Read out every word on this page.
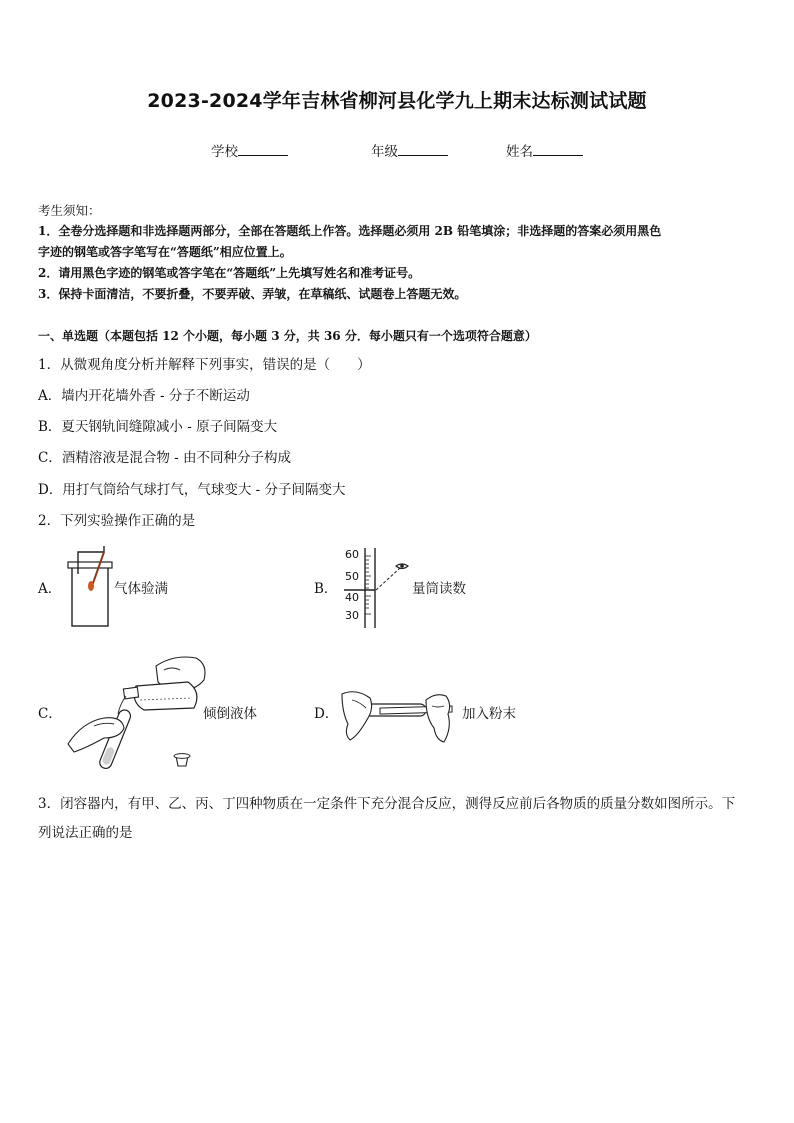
2023-2024学年吉林省柳河县化学九上期末达标测试试题
学校	年级	姓名
考生须知：
1．全卷分选择题和非选择题两部分，全部在答题纸上作答。选择题必须用 2B 铅笔填涂；非选择题的答案必须用黑色
字迹的钢笔或答字笔写在“答题纸”相应位置上。
2．请用黑色字迹的钢笔或答字笔在“答题纸”上先填写姓名和准考证号。
3．保持卡面清洁，不要折叠，不要弄破、弄皱，在草稿纸、试题卷上答题无效。
一、单选题（本题包括 12 个小题，每小题 3 分，共 36 分．每小题只有一个选项符合题意）
1．从微观角度分析并解释下列事实，错误的是（　　）
A．墙内开花墙外香 - 分子不断运动
B．夏天钢轨间缝隙减小 - 原子间隔变大
C．酒精溶液是混合物 - 由不同种分子构成
D．用打气筒给气球打气，气球变大 - 分子间隔变大
2．下列实验操作正确的是
A．	气体验满	B．
60
50
40
30
量筒读数
C．	倾倒液体	D．	加入粉末
3．闭容器内，有甲、乙、丙、丁四种物质在一定条件下充分混合反应，测得反应前后各物质的质量分数如图所示。下
列说法正确的是
